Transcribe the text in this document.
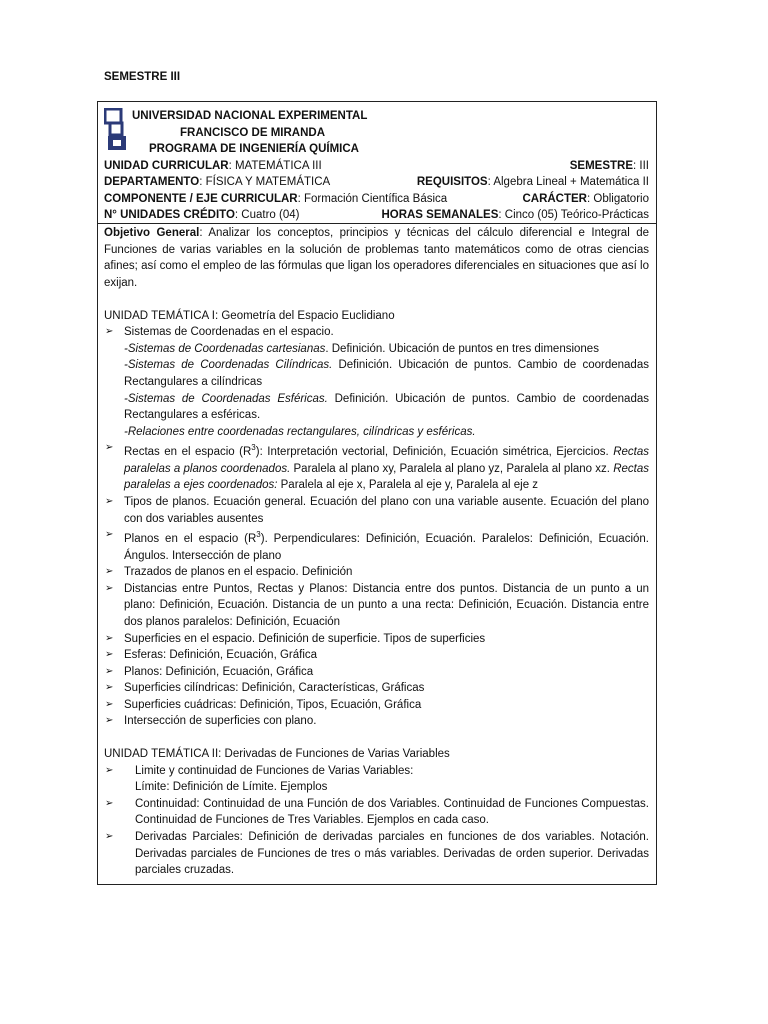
SEMESTRE III
UNIVERSIDAD NACIONAL EXPERIMENTAL
FRANCISCO DE MIRANDA
PROGRAMA DE INGENIERÍA QUÍMICA
UNIDAD CURRICULAR: MATEMÁTICA III	SEMESTRE: III
DEPARTAMENTO: FÍSICA Y MATEMÁTICA	REQUISITOS: Algebra Lineal + Matemática II
COMPONENTE / EJE CURRICULAR: Formación Científica Básica	CARÁCTER: Obligatorio
N° UNIDADES CRÉDITO: Cuatro (04)	HORAS SEMANALES: Cinco (05) Teórico-Prácticas

Objetivo General: Analizar los conceptos, principios y técnicas del cálculo diferencial e Integral de Funciones de varias variables en la solución de problemas tanto matemáticos como de otras ciencias afines; así como el empleo de las fórmulas que ligan los operadores diferenciales en situaciones que así lo exijan.

UNIDAD TEMÁTICA I: Geometría del Espacio Euclidiano

➢ Sistemas de Coordenadas en el espacio.
-Sistemas de Coordenadas cartesianas. Definición. Ubicación de puntos en tres dimensiones
-Sistemas de Coordenadas Cilíndricas. Definición. Ubicación de puntos. Cambio de coordenadas Rectangulares a cilíndricas
-Sistemas de Coordenadas Esféricas. Definición. Ubicación de puntos. Cambio de coordenadas Rectangulares a esféricas.
-Relaciones entre coordenadas rectangulares, cilíndricas y esféricas.
➢ Rectas en el espacio $(R^3)$: Interpretación vectorial, Definición, Ecuación simétrica, Ejercicios. Rectas paralelas a planos coordenados. Paralela al plano xy, Paralela al plano yz, Paralela al plano xz. Rectas paralelas a ejes coordenados: Paralela al eje x, Paralela al eje y, Paralela al eje z
➢ Tipos de planos. Ecuación general. Ecuación del plano con una variable ausente. Ecuación del plano con dos variables ausentes
➢ Planos en el espacio $(R^3)$. Perpendiculares: Definición, Ecuación. Paralelos: Definición, Ecuación. Ángulos. Intersección de plano
➢ Trazados de planos en el espacio. Definición
➢ Distancias entre Puntos, Rectas y Planos: Distancia entre dos puntos. Distancia de un punto a un plano: Definición, Ecuación. Distancia de un punto a una recta: Definición, Ecuación. Distancia entre dos planos paralelos: Definición, Ecuación
➢ Superficies en el espacio. Definición de superficie. Tipos de superficies
➢ Esferas: Definición, Ecuación, Gráfica
➢ Planos: Definición, Ecuación, Gráfica
➢ Superficies cilíndricas: Definición, Características, Gráficas
➢ Superficies cuádricas: Definición, Tipos, Ecuación, Gráfica
➢ Intersección de superficies con plano.

UNIDAD TEMÁTICA II: Derivadas de Funciones de Varias Variables

➢ Limite y continuidad de Funciones de Varias Variables:
Límite: Definición de Límite. Ejemplos
➢ Continuidad: Continuidad de una Función de dos Variables. Continuidad de Funciones Compuestas. Continuidad de Funciones de Tres Variables. Ejemplos en cada caso.
➢ Derivadas Parciales: Definición de derivadas parciales en funciones de dos variables. Notación. Derivadas parciales de Funciones de tres o más variables. Derivadas de orden superior. Derivadas parciales cruzadas.
